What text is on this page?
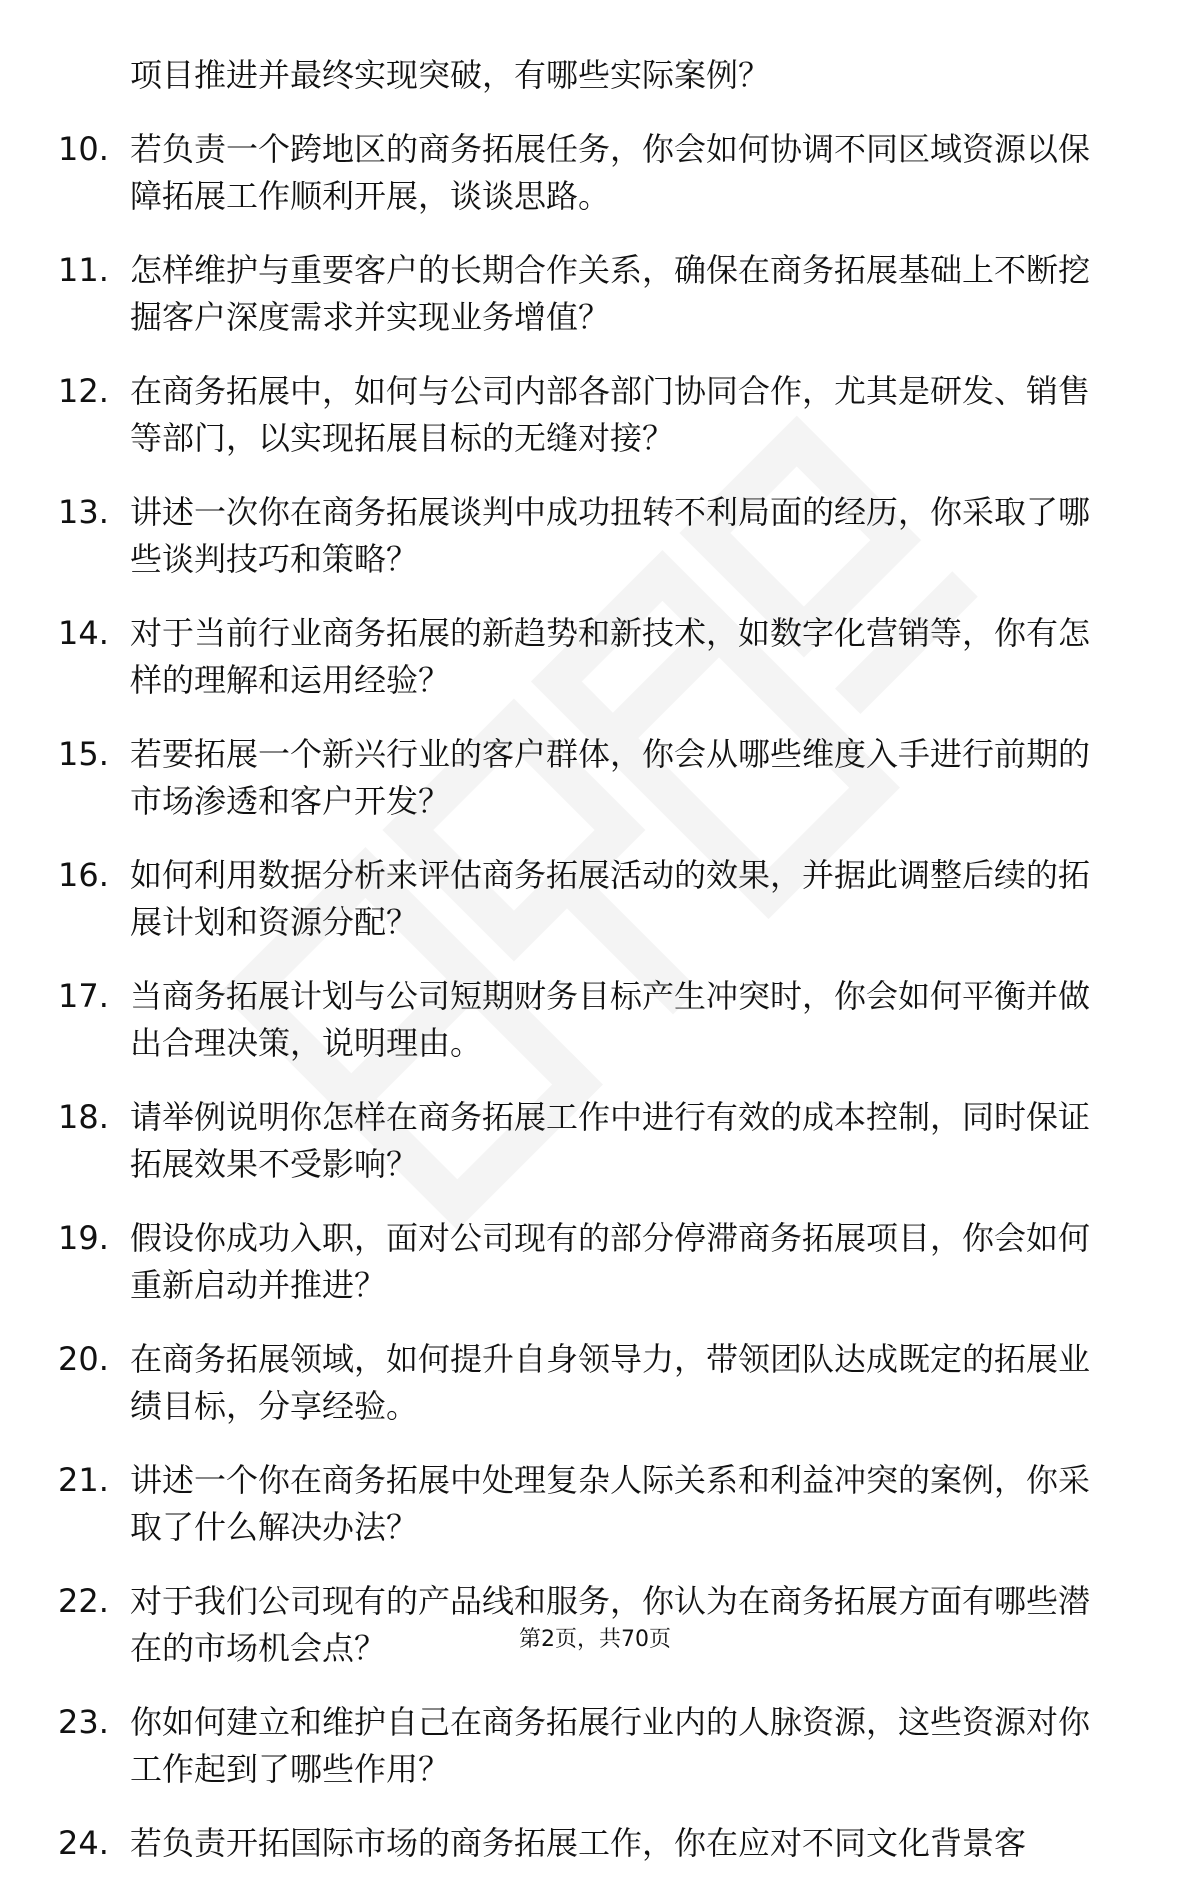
项目推进并最终实现突破，有哪些实际案例？

10. 若负责一个跨地区的商务拓展任务，你会如何协调不同区域资源以保障拓展工作顺利开展，谈谈思路。
11. 怎样维护与重要客户的长期合作关系，确保在商务拓展基础上不断挖掘客户深度需求并实现业务增值？
12. 在商务拓展中，如何与公司内部各部门协同合作，尤其是研发、销售等部门，以实现拓展目标的无缝对接？
13. 讲述一次你在商务拓展谈判中成功扭转不利局面的经历，你采取了哪些谈判技巧和策略？
14. 对于当前行业商务拓展的新趋势和新技术，如数字化营销等，你有怎样的理解和运用经验？
15. 若要拓展一个新兴行业的客户群体，你会从哪些维度入手进行前期的市场渗透和客户开发？
16. 如何利用数据分析来评估商务拓展活动的效果，并据此调整后续的拓展计划和资源分配？
17. 当商务拓展计划与公司短期财务目标产生冲突时，你会如何平衡并做出合理决策，说明理由。
18. 请举例说明你怎样在商务拓展工作中进行有效的成本控制，同时保证拓展效果不受影响？
19. 假设你成功入职，面对公司现有的部分停滞商务拓展项目，你会如何重新启动并推进？
20. 在商务拓展领域，如何提升自身领导力，带领团队达成既定的拓展业绩目标，分享经验。
21. 讲述一个你在商务拓展中处理复杂人际关系和利益冲突的案例，你采取了什么解决办法？
22. 对于我们公司现有的产品线和服务，你认为在商务拓展方面有哪些潜在的市场机会点？
23. 你如何建立和维护自己在商务拓展行业内的人脉资源，这些资源对你工作起到了哪些作用？
24. 若负责开拓国际市场的商务拓展工作，你在应对不同文化背景客
第2页，共70页
